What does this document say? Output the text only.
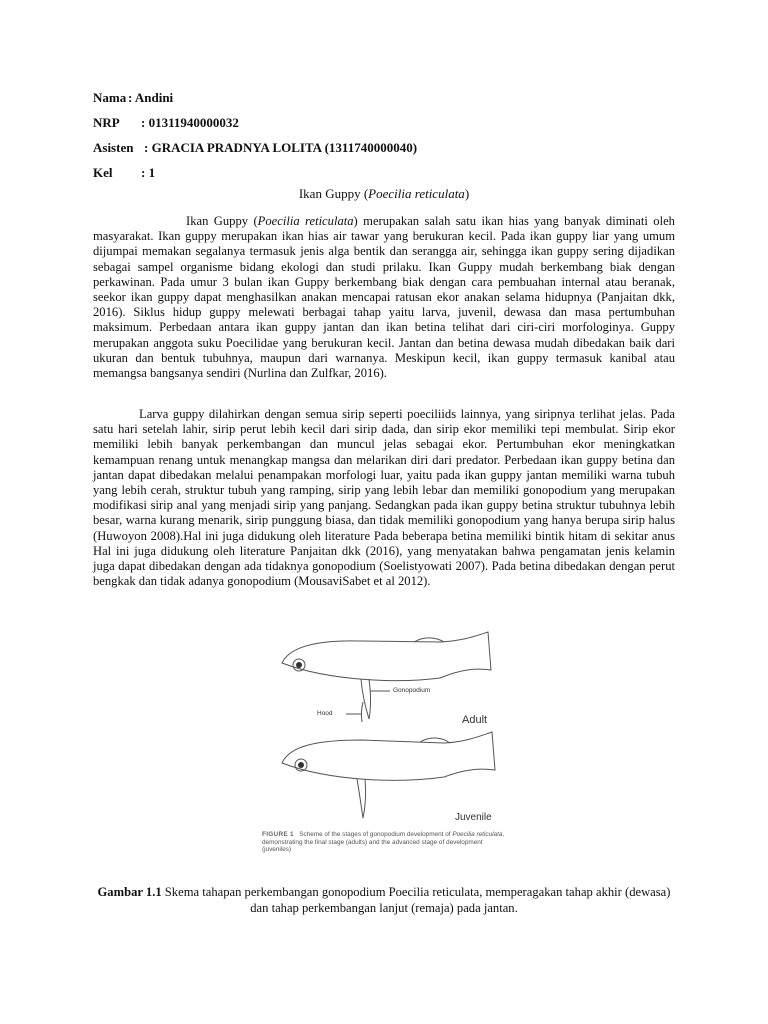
Nama : Andini
NRP : 01311940000032
Asisten : GRACIA PRADNYA LOLITA (1311740000040)
Kel : 1
Ikan Guppy (Poecilia reticulata)
Ikan Guppy (Poecilia reticulata) merupakan salah satu ikan hias yang banyak diminati oleh masyarakat. Ikan guppy merupakan ikan hias air tawar yang berukuran kecil. Pada ikan guppy liar yang umum dijumpai memakan segalanya termasuk jenis alga bentik dan serangga air, sehingga ikan guppy sering dijadikan sebagai sampel organisme bidang ekologi dan studi prilaku. Ikan Guppy mudah berkembang biak dengan perkawinan. Pada umur 3 bulan ikan Guppy berkembang biak dengan cara pembuahan internal atau beranak, seekor ikan guppy dapat menghasilkan anakan mencapai ratusan ekor anakan selama hidupnya (Panjaitan dkk, 2016). Siklus hidup guppy melewati berbagai tahap yaitu larva, juvenil, dewasa dan masa pertumbuhan maksimum. Perbedaan antara ikan guppy jantan dan ikan betina telihat dari ciri-ciri morfologinya. Guppy merupakan anggota suku Poecilidae yang berukuran kecil. Jantan dan betina dewasa mudah dibedakan baik dari ukuran dan bentuk tubuhnya, maupun dari warnanya. Meskipun kecil, ikan guppy termasuk kanibal atau memangsa bangsanya sendiri (Nurlina dan Zulfkar, 2016).
Larva guppy dilahirkan dengan semua sirip seperti poeciliids lainnya, yang siripnya terlihat jelas. Pada satu hari setelah lahir, sirip perut lebih kecil dari sirip dada, dan sirip ekor memiliki tepi membulat. Sirip ekor memiliki lebih banyak perkembangan dan muncul jelas sebagai ekor. Pertumbuhan ekor meningkatkan kemampuan renang untuk menangkap mangsa dan melarikan diri dari predator. Perbedaan ikan guppy betina dan jantan dapat dibedakan melalui penampakan morfologi luar, yaitu pada ikan guppy jantan memiliki warna tubuh yang lebih cerah, struktur tubuh yang ramping, sirip yang lebih lebar dan memiliki gonopodium yang merupakan modifikasi sirip anal yang menjadi sirip yang panjang. Sedangkan pada ikan guppy betina struktur tubuhnya lebih besar, warna kurang menarik, sirip punggung biasa, dan tidak memiliki gonopodium yang hanya berupa sirip halus (Huwoyon 2008).Hal ini juga didukung oleh literature Pada beberapa betina memiliki bintik hitam di sekitar anus Hal ini juga didukung oleh literature Panjaitan dkk (2016), yang menyatakan bahwa pengamatan jenis kelamin juga dapat dibedakan dengan ada tidaknya gonopodium (Soelistyowati 2007). Pada betina dibedakan dengan perut bengkak dan tidak adanya gonopodium (MousaviSabet et al 2012).
Gonopodium
Hood
Adult
Juvenile
FIGURE 1 Scheme of the stages of gonopodium development of Poecilia reticulata, demonstrating the final stage (adults) and the advanced stage of development (juveniles)
Gambar 1.1 Skema tahapan perkembangan gonopodium Poecilia reticulata, memperagakan tahap akhir (dewasa) dan tahap perkembangan lanjut (remaja) pada jantan.
